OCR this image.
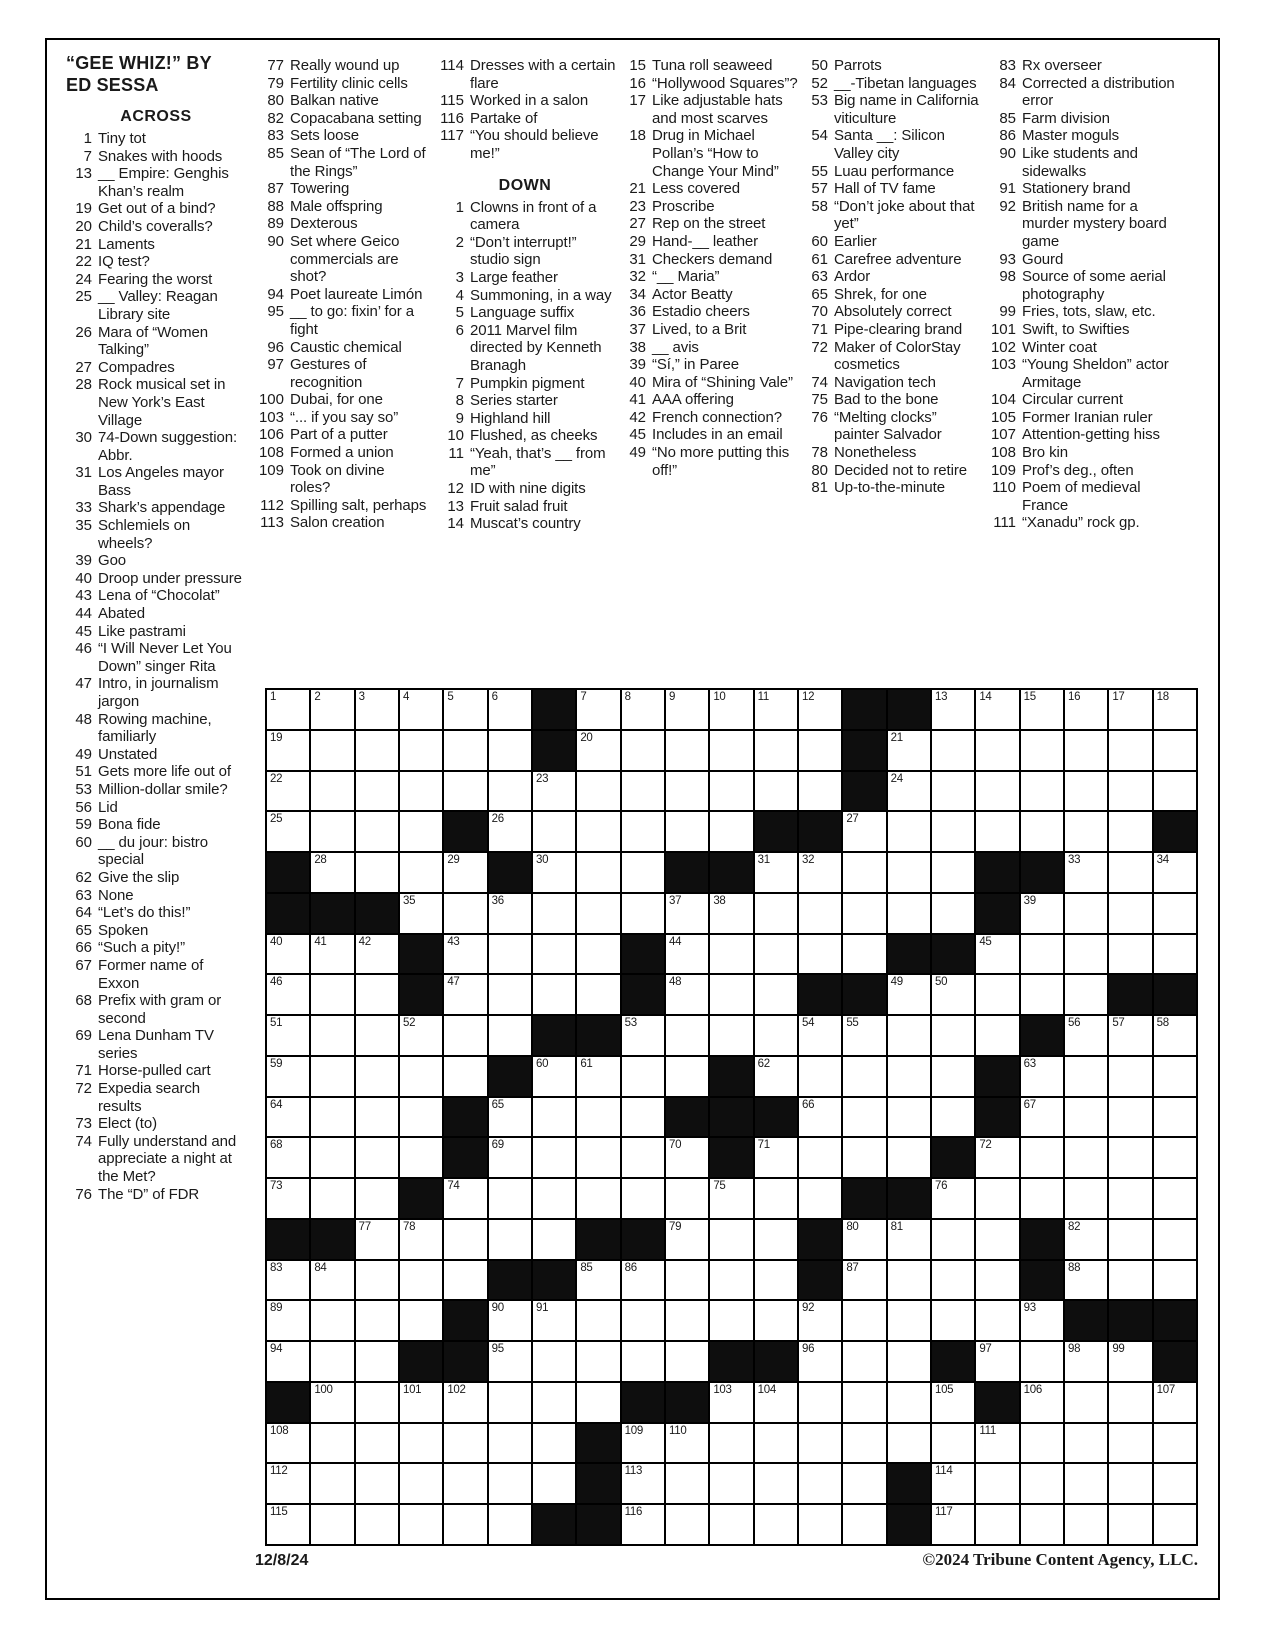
“GEE WHIZ!” BY
ED SESSA
ACROSS
1 Tiny tot
7 Snakes with hoods
13 __ Empire: Genghis Khan’s realm
19 Get out of a bind?
20 Child’s coveralls?
21 Laments
22 IQ test?
24 Fearing the worst
25 __ Valley: Reagan Library site
26 Mara of “Women Talking”
27 Compadres
28 Rock musical set in New York’s East Village
30 74-Down suggestion: Abbr.
31 Los Angeles mayor Bass
33 Shark’s appendage
35 Schlemiels on wheels?
39 Goo
40 Droop under pressure
43 Lena of “Chocolat”
44 Abated
45 Like pastrami
46 “I Will Never Let You Down” singer Rita
47 Intro, in journalism jargon
48 Rowing machine, familiarly
49 Unstated
51 Gets more life out of
53 Million-dollar smile?
56 Lid
59 Bona fide
60 __ du jour: bistro special
62 Give the slip
63 None
64 “Let’s do this!”
65 Spoken
66 “Such a pity!”
67 Former name of Exxon
68 Prefix with gram or second
69 Lena Dunham TV series
71 Horse-pulled cart
72 Expedia search results
73 Elect (to)
74 Fully understand and appreciate a night at the Met?
76 The “D” of FDR
77 Really wound up
79 Fertility clinic cells
80 Balkan native
82 Copacabana setting
83 Sets loose
85 Sean of “The Lord of the Rings”
87 Towering
88 Male offspring
89 Dexterous
90 Set where Geico commercials are shot?
94 Poet laureate Limón
95 __ to go: fixin’ for a fight
96 Caustic chemical
97 Gestures of recognition
100 Dubai, for one
103 “... if you say so”
106 Part of a putter
108 Formed a union
109 Took on divine roles?
112 Spilling salt, perhaps
113 Salon creation
114 Dresses with a certain flare
115 Worked in a salon
116 Partake of
117 “You should believe me!”
DOWN
1 Clowns in front of a camera
2 “Don’t interrupt!” studio sign
3 Large feather
4 Summoning, in a way
5 Language suffix
6 2011 Marvel film directed by Kenneth Branagh
7 Pumpkin pigment
8 Series starter
9 Highland hill
10 Flushed, as cheeks
11 “Yeah, that’s __ from me”
12 ID with nine digits
13 Fruit salad fruit
14 Muscat’s country
15 Tuna roll seaweed
16 “Hollywood Squares”?
17 Like adjustable hats and most scarves
18 Drug in Michael Pollan’s “How to Change Your Mind”
21 Less covered
23 Proscribe
27 Rep on the street
29 Hand-__ leather
31 Checkers demand
32 “__ Maria”
34 Actor Beatty
36 Estadio cheers
37 Lived, to a Brit
38 __ avis
39 “Sí,” in Paree
40 Mira of “Shining Vale”
41 AAA offering
42 French connection?
45 Includes in an email
49 “No more putting this off!”
50 Parrots
52 __-Tibetan languages
53 Big name in California viticulture
54 Santa __: Silicon Valley city
55 Luau performance
57 Hall of TV fame
58 “Don’t joke about that yet”
60 Earlier
61 Carefree adventure
63 Ardor
65 Shrek, for one
70 Absolutely correct
71 Pipe-clearing brand
72 Maker of ColorStay cosmetics
74 Navigation tech
75 Bad to the bone
76 “Melting clocks” painter Salvador
78 Nonetheless
80 Decided not to retire
81 Up-to-the-minute
83 Rx overseer
84 Corrected a distribution error
85 Farm division
86 Master moguls
90 Like students and sidewalks
91 Stationery brand
92 British name for a murder mystery board game
93 Gourd
98 Source of some aerial photography
99 Fries, tots, slaw, etc.
101 Swift, to Swifties
102 Winter coat
103 “Young Sheldon” actor Armitage
104 Circular current
105 Former Iranian ruler
107 Attention-getting hiss
108 Bro kin
109 Prof’s deg., often
110 Poem of medieval France
111 “Xanadu” rock gp.
1	2	3	4	5	6	7	8	9	10	11	12	13	14	15	16	17	18
19	20	21
22	23	24
25	26	27
28	29	30	31	32	33	34
35	36	37	38	39
40	41	42	43	44	45
46	47	48	49	50
51	52	53	54	55	56	57	58
59	60	61	62	63
64	65	66	67
68	69	70	71	72
73	74	75	76
77	78	79	80	81	82
83	84	85	86	87	88
89	90	91	92	93
94	95	96	97	98	99
100	101 102	103 104	105	106	107
108	109 110	111
112	113	114
115	116	117
12/8/24	©2024 Tribune Content Agency, LLC.
